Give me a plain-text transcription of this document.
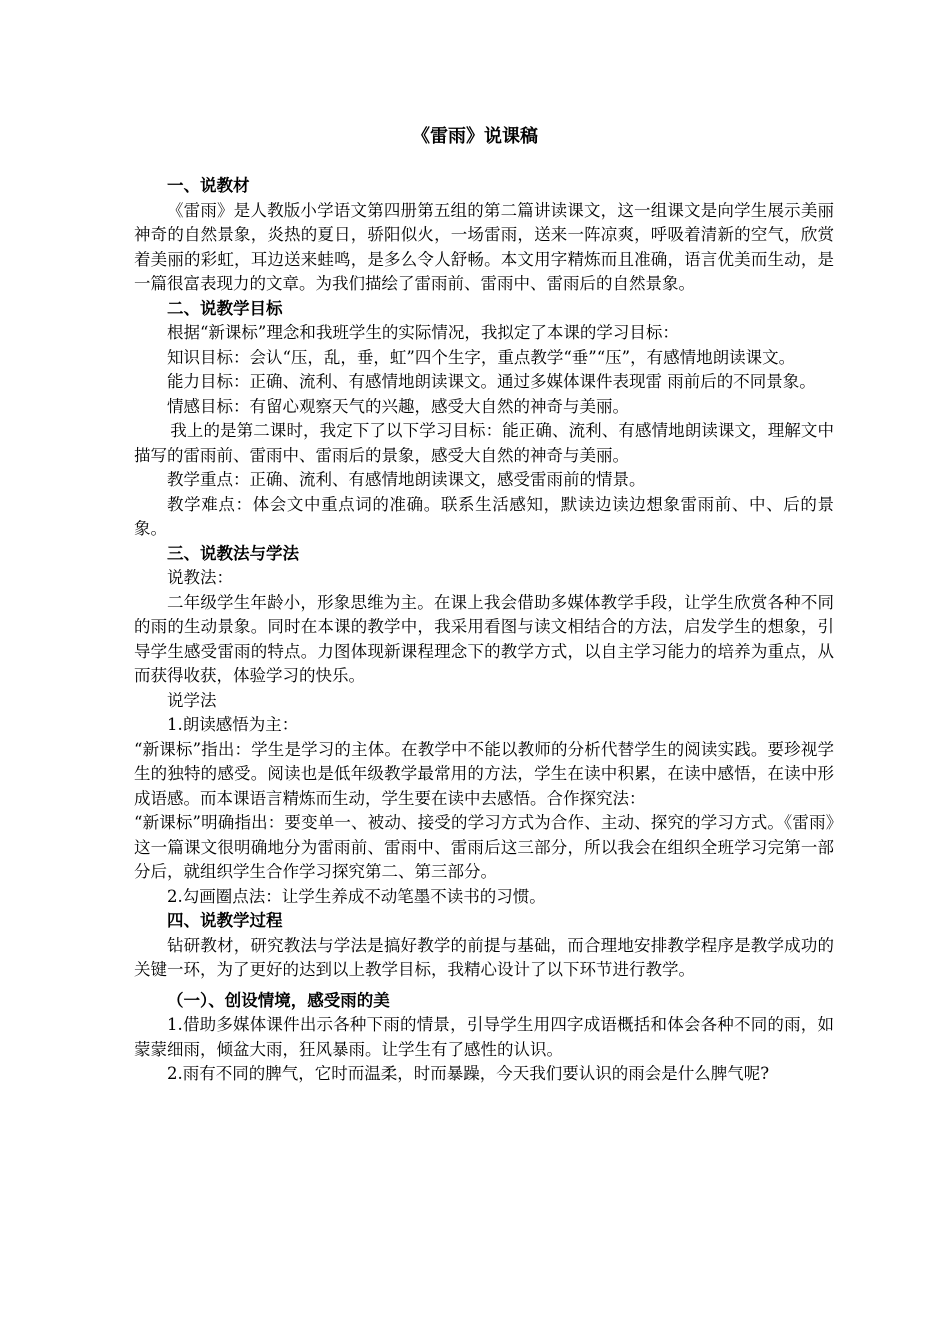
《雷雨》说课稿

一、说教材

《雷雨》是人教版小学语文第四册第五组的第二篇讲读课文，这一组课文是向学生展示美丽神奇的自然景象，炎热的夏日，骄阳似火，一场雷雨，送来一阵凉爽，呼吸着清新的空气，欣赏着美丽的彩虹，耳边送来蛙鸣，是多么令人舒畅。本文用字精炼而且准确，语言优美而生动，是一篇很富表现力的文章。为我们描绘了雷雨前、雷雨中、雷雨后的自然景象。

二、说教学目标

根据“新课标”理念和我班学生的实际情况，我拟定了本课的学习目标：

知识目标：会认“压，乱，垂，虹”四个生字，重点教学“垂”“压”，有感情地朗读课文。

能力目标：正确、流利、有感情地朗读课文。通过多媒体课件表现雷 雨前后的不同景象。

情感目标：有留心观察天气的兴趣，感受大自然的神奇与美丽。

我上的是第二课时，我定下了以下学习目标：能正确、流利、有感情地朗读课文，理解文中描写的雷雨前、雷雨中、雷雨后的景象，感受大自然的神奇与美丽。

教学重点：正确、流利、有感情地朗读课文，感受雷雨前的情景。

教学难点：体会文中重点词的准确。联系生活感知，默读边读边想象雷雨前、中、后的景象。

三、说教法与学法

说教法：

二年级学生年龄小，形象思维为主。在课上我会借助多媒体教学手段，让学生欣赏各种不同的雨的生动景象。同时在本课的教学中，我采用看图与读文相结合的方法，启发学生的想象，引导学生感受雷雨的特点。力图体现新课程理念下的教学方式，以自主学习能力的培养为重点，从而获得收获，体验学习的快乐。

说学法

1.朗读感悟为主：

“新课标”指出：学生是学习的主体。在教学中不能以教师的分析代替学生的阅读实践。要珍视学生的独特的感受。阅读也是低年级教学最常用的方法，学生在读中积累，在读中感悟，在读中形成语感。而本课语言精炼而生动，学生要在读中去感悟。合作探究法：

“新课标”明确指出：要变单一、被动、接受的学习方式为合作、主动、探究的学习方式。《雷雨》这一篇课文很明确地分为雷雨前、雷雨中、雷雨后这三部分，所以我会在组织全班学习完第一部分后，就组织学生合作学习探究第二、第三部分。

2.勾画圈点法：让学生养成不动笔墨不读书的习惯。

四、说教学过程

钻研教材，研究教法与学法是搞好教学的前提与基础，而合理地安排教学程序是教学成功的关键一环，为了更好的达到以上教学目标，我精心设计了以下环节进行教学。

（一）、创设情境，感受雨的美

1.借助多媒体课件出示各种下雨的情景，引导学生用四字成语概括和体会各种不同的雨，如蒙蒙细雨，倾盆大雨，狂风暴雨。让学生有了感性的认识。

2.雨有不同的脾气，它时而温柔，时而暴躁，今天我们要认识的雨会是什么脾气呢?
